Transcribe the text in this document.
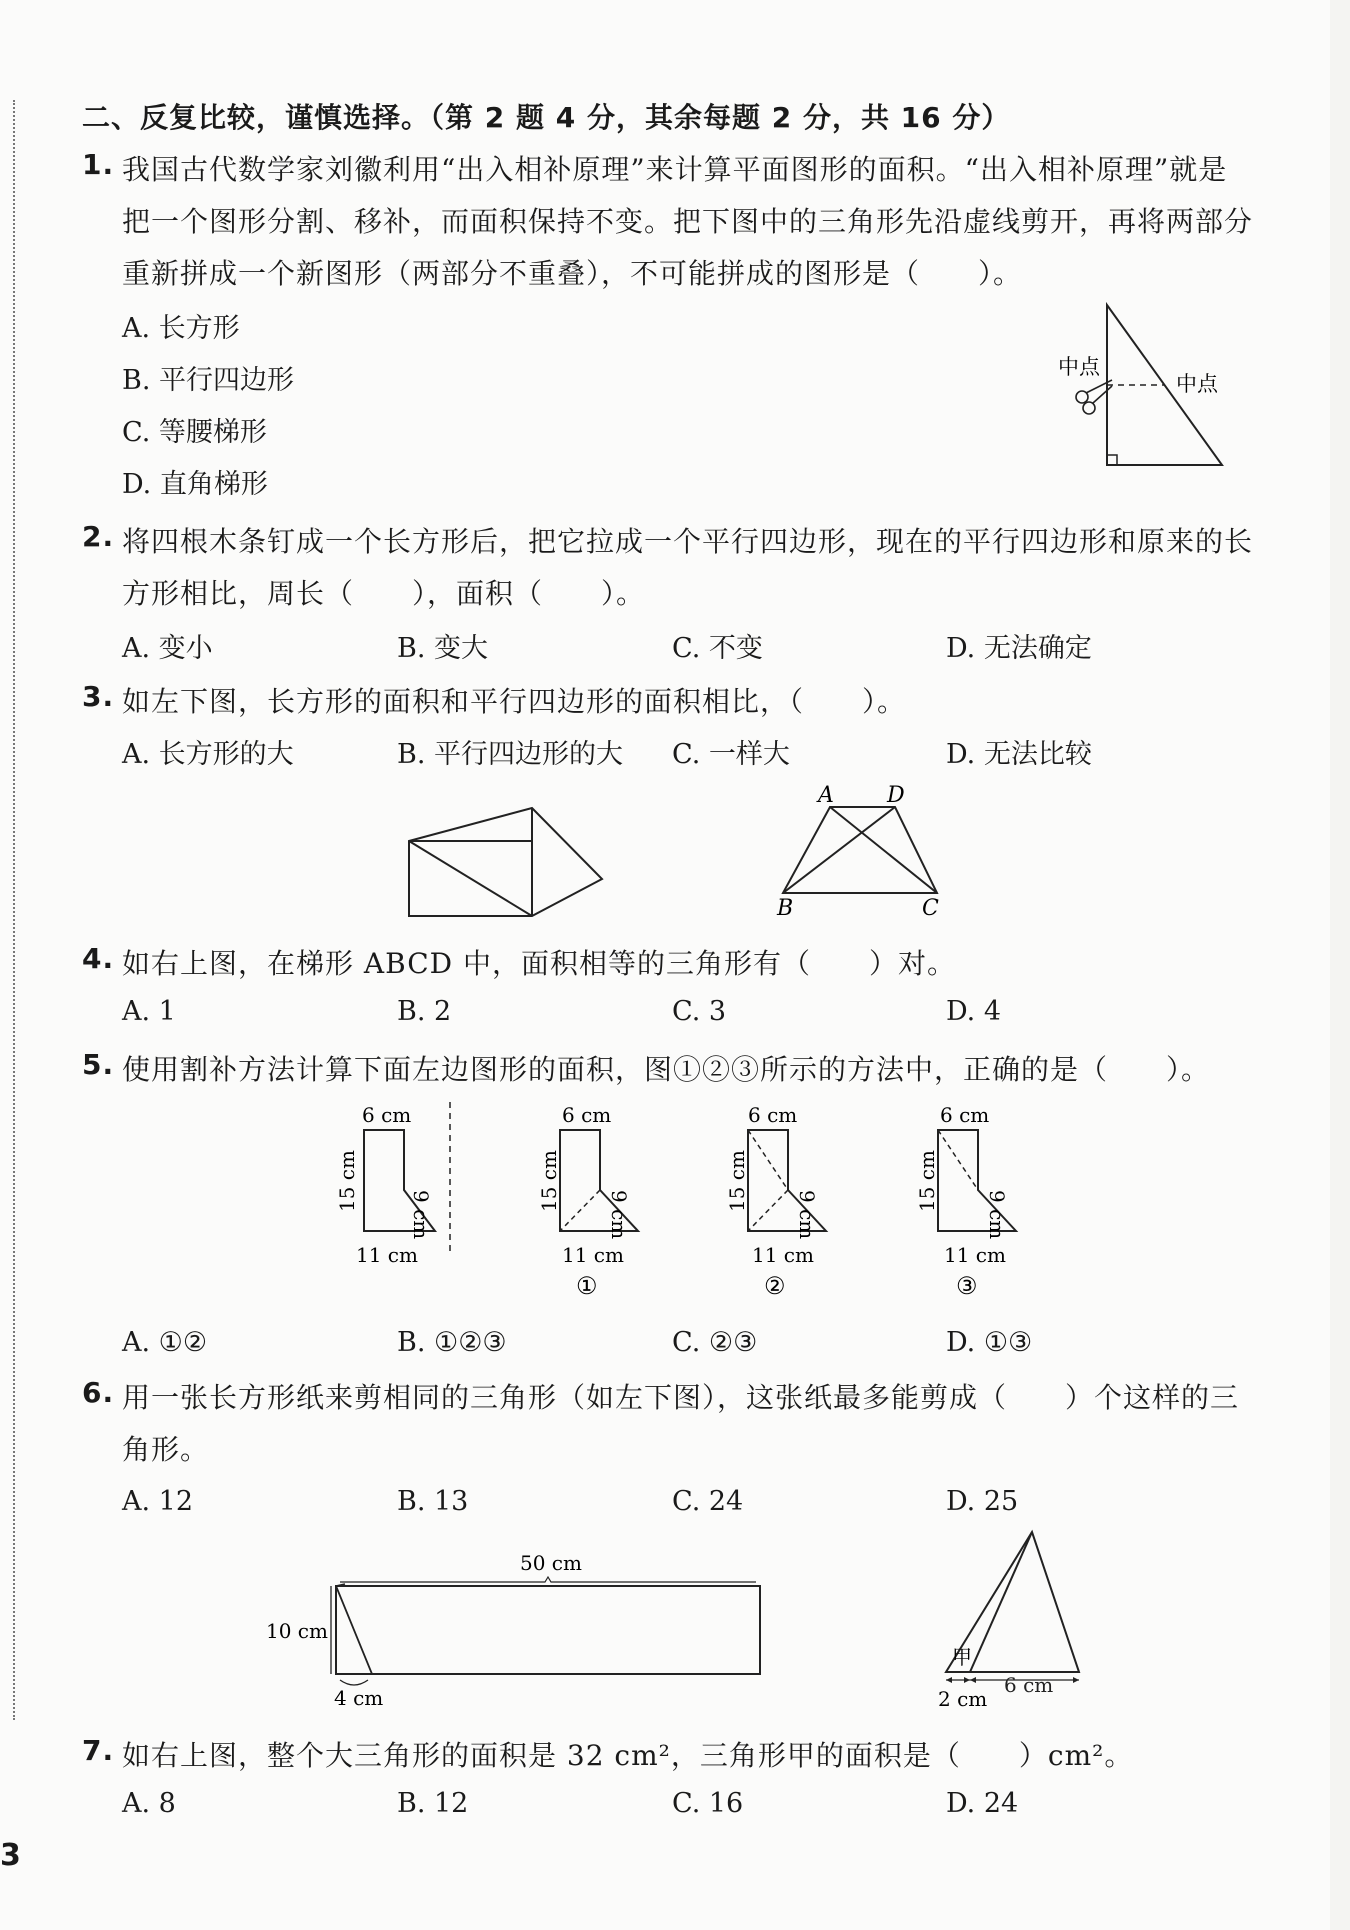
二、反复比较，谨慎选择。（第 2 题 4 分，其余每题 2 分，共 16 分）
1. 我国古代数学家刘徽利用“出入相补原理”来计算平面图形的面积。“出入相补原理”就是
把一个图形分割、移补，而面积保持不变。把下图中的三角形先沿虚线剪开，再将两部分
重新拼成一个新图形（两部分不重叠），不可能拼成的图形是（　　）。
A. 长方形
B. 平行四边形
C. 等腰梯形
D. 直角梯形
中点
中点
2. 将四根木条钉成一个长方形后，把它拉成一个平行四边形，现在的平行四边形和原来的长
方形相比，周长（　　），面积（　　）。
A. 变小	B. 变大	C. 不变	D. 无法确定
3. 如左下图，长方形的面积和平行四边形的面积相比，（　　）。
A. 长方形的大	B. 平行四边形的大 C. 一样大	D. 无法比较
A D
B	C
4. 如右上图，在梯形 ABCD 中，面积相等的三角形有（　　）对。
A. 1	B. 2	C. 3	D. 4
5. 使用割补方法计算下面左边图形的面积，图①②③所示的方法中，正确的是（　　）。
6 cm
11 cm
15 cm
9 cm
6 cm
11 cm
15 cm
9 cm
①
6 cm
11 cm
15 cm
9 cm
②
6 cm
11 cm
15 cm
9 cm
③
A. ①②	B. ①②③	C. ②③	D. ①③
6. 用一张长方形纸来剪相同的三角形（如左下图），这张纸最多能剪成（　　）个这样的三
角形。
A. 12	B. 13	C. 24	D. 25
50 cm
10 cm
4 cm
甲
2 cm
6 cm
7. 如右上图，整个大三角形的面积是 32 cm²，三角形甲的面积是（　　）cm²。
A. 8	B. 12	C. 16	D. 24
3
